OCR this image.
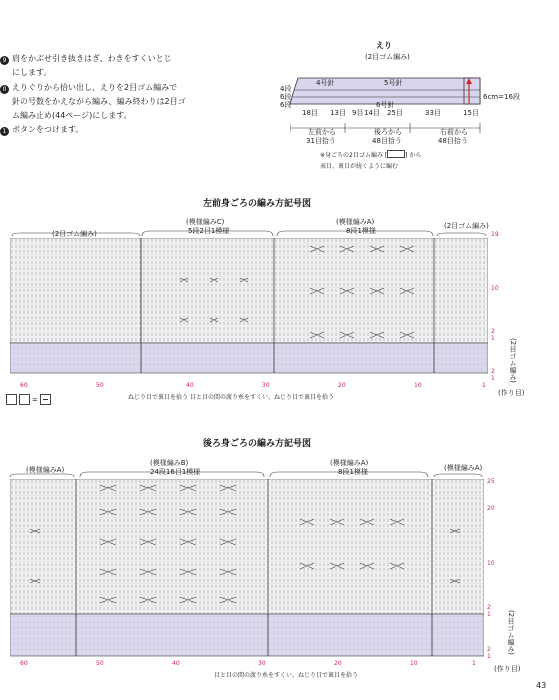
9 肩をかぶせ引き抜きはぎ、わきをすくいとじ
にします。
0 えりぐりから拾い出し、えりを2目ゴム編みで
針の号数をかえながら編み、編み終わりは2目ゴ
ム編み止め(44ページ)にします。
1 ボタンをつけます。
えり
(2目ゴム編み)
4号針	5号針
6号針
4段
6段
6段
6cm=16段
18目 13目 9目 14目 25目	33目	15目
左前から
31目拾う
後ろから
48目拾う
右前から
48目拾う
※身ごろの2目ゴム編み [	] から
表目、裏目が続くように編む
左前身ごろの編み方記号図
(2目ゴム編み)
(模様編みC)
5段2目1模様
(模様編みA)
8段1模様
(2目ゴム編み)
19
10
2
1
2
1 (2目ゴム編み)
(作り目)
60	50	40	30	20	10	1
ねじり目で裏目を拾う 目と目の間の渡り糸をすくい、ねじり目で裏目を拾う
=
後ろ身ごろの編み方記号図
(模様編みA)
(模様編みB)
24段16目1模様
(模様編みA)
8段1模様	(模様編みA)
25
20
10
2
1
2
1
(2目ゴム編み)
(作り目)
60	50	40	30	20	10	1
目と目の間の渡り糸をすくい、ねじり目で裏目を拾う
43
